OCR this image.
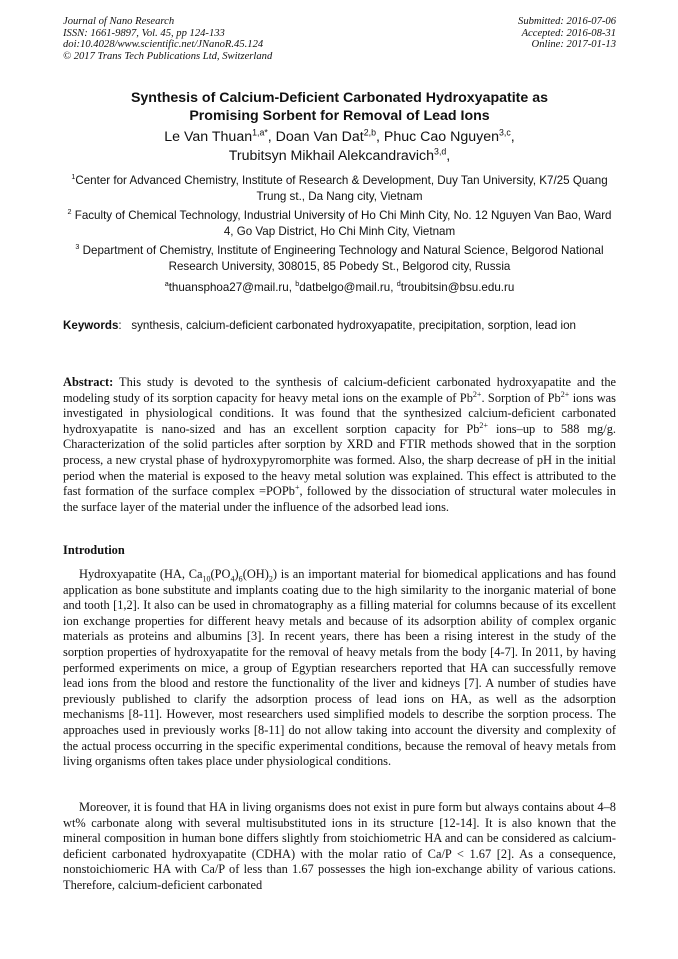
Journal of Nano Research
ISSN: 1661-9897, Vol. 45, pp 124-133
doi:10.4028/www.scientific.net/JNanoR.45.124
© 2017 Trans Tech Publications Ltd, Switzerland
Submitted: 2016-07-06
Accepted: 2016-08-31
Online: 2017-01-13
Synthesis of Calcium-Deficient Carbonated Hydroxyapatite as
Promising Sorbent for Removal of Lead Ions
Le Van Thuan$^{1,a*}$, Doan Van Dat$^{2,b}$, Phuc Cao Nguyen$^{3,c}$,
Trubitsyn Mikhail Alekcandravich$^{3,d}$,
$^1$Center for Advanced Chemistry, Institute of Research & Development, Duy Tan University, K7/25 Quang Trung st., Da Nang city, Vietnam
$^2$ Faculty of Chemical Technology, Industrial University of Ho Chi Minh City, No. 12 Nguyen Van Bao, Ward 4, Go Vap District, Ho Chi Minh City, Vietnam
$^3$ Department of Chemistry, Institute of Engineering Technology and Natural Science, Belgorod National Research University, 308015, 85 Pobedy St., Belgorod city, Russia
$^a$thuansphoa27@mail.ru, $^b$datbelgo@mail.ru, $^d$troubitsin@bsu.edu.ru
Keywords: synthesis, calcium-deficient carbonated hydroxyapatite, precipitation, sorption, lead ion
Abstract: This study is devoted to the synthesis of calcium-deficient carbonated hydroxyapatite and the modeling study of its sorption capacity for heavy metal ions on the example of $Pb^{2+}$. Sorption of $Pb^{2+}$ ions was investigated in physiological conditions. It was found that the synthesized calcium-deficient carbonated hydroxyapatite is nano-sized and has an excellent sorption capacity for $Pb^{2+}$ ions–up to 588 mg/g. Characterization of the solid particles after sorption by XRD and FTIR methods showed that in the sorption process, a new crystal phase of hydroxypyromorphite was formed. Also, the sharp decrease of pH in the initial period when the material is exposed to the heavy metal solution was explained. This effect is attributed to the fast formation of the surface complex =POPb+, followed by the dissociation of structural water molecules in the surface layer of the material under the influence of the adsorbed lead ions.
Introdution
Hydroxyapatite (HA, $Ca_{10}(PO_4)_6(OH)_2$) is an important material for biomedical applications and has found application as bone substitute and implants coating due to the high similarity to the inorganic material of bone and tooth [1,2]. It also can be used in chromatography as a filling material for columns because of its excellent ion exchange properties for different heavy metals and because of its adsorption ability of complex organic materials as proteins and albumins [3]. In recent years, there has been a rising interest in the study of the sorption properties of hydroxyapatite for the removal of heavy metals from the body [4-7]. In 2011, by having performed experiments on mice, a group of Egyptian researchers reported that HA can successfully remove lead ions from the blood and restore the functionality of the liver and kidneys [7]. A number of studies have previously published to clarify the adsorption process of lead ions on HA, as well as the adsorption mechanisms [8-11]. However, most researchers used simplified models to describe the sorption process. The approaches used in previously works [8-11] do not allow taking into account the diversity and complexity of the actual process occurring in the specific experimental conditions, because the removal of heavy metals from living organisms often takes place under physiological conditions.
Moreover, it is found that HA in living organisms does not exist in pure form but always contains about 4–8 wt% carbonate along with several multisubstituted ions in its structure [12-14]. It is also known that the mineral composition in human bone differs slightly from stoichiometric HA and can be considered as calcium-deficient carbonated hydroxyapatite (CDHA) with the molar ratio of Ca/P < 1.67 [2]. As a consequence, nonstoichiomeric HA with Ca/P of less than 1.67 possesses the high ion-exchange ability of various cations. Therefore, calcium-deficient carbonated
